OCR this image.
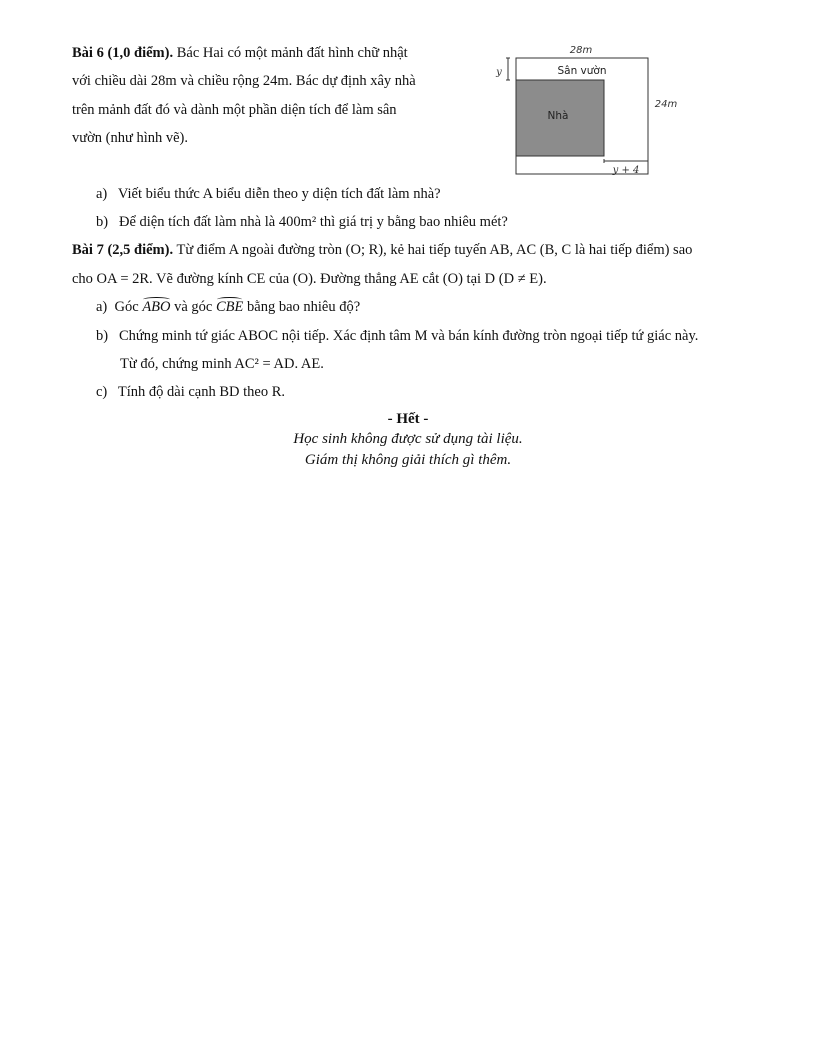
Bài 6 (1,0 điểm). Bác Hai có một mảnh đất hình chữ nhật
với chiều dài 28m và chiều rộng 24m. Bác dự định xây nhà
trên mảnh đất đó và dành một phần diện tích để làm sân
vườn (như hình vẽ).
28m
Sân vườn
Nhà
y
24m
y + 4
a) Viết biểu thức A biểu diễn theo y diện tích đất làm nhà?
b) Để diện tích đất làm nhà là 400m² thì giá trị y bằng bao nhiêu mét?
Bài 7 (2,5 điểm). Từ điểm A ngoài đường tròn (O; R), kẻ hai tiếp tuyến AB, AC (B, C là hai tiếp điểm) sao
cho OA = 2R. Vẽ đường kính CE của (O). Đường thẳng AE cắt (O) tại D (D ≠ E).
a) Góc ABO và góc CBE bằng bao nhiêu độ?
b) Chứng minh tứ giác ABOC nội tiếp. Xác định tâm M và bán kính đường tròn ngoại tiếp tứ giác này.
Từ đó, chứng minh AC² = AD. AE.
c) Tính độ dài cạnh BD theo R.
- Hết -
Học sinh không được sử dụng tài liệu.
Giám thị không giải thích gì thêm.
